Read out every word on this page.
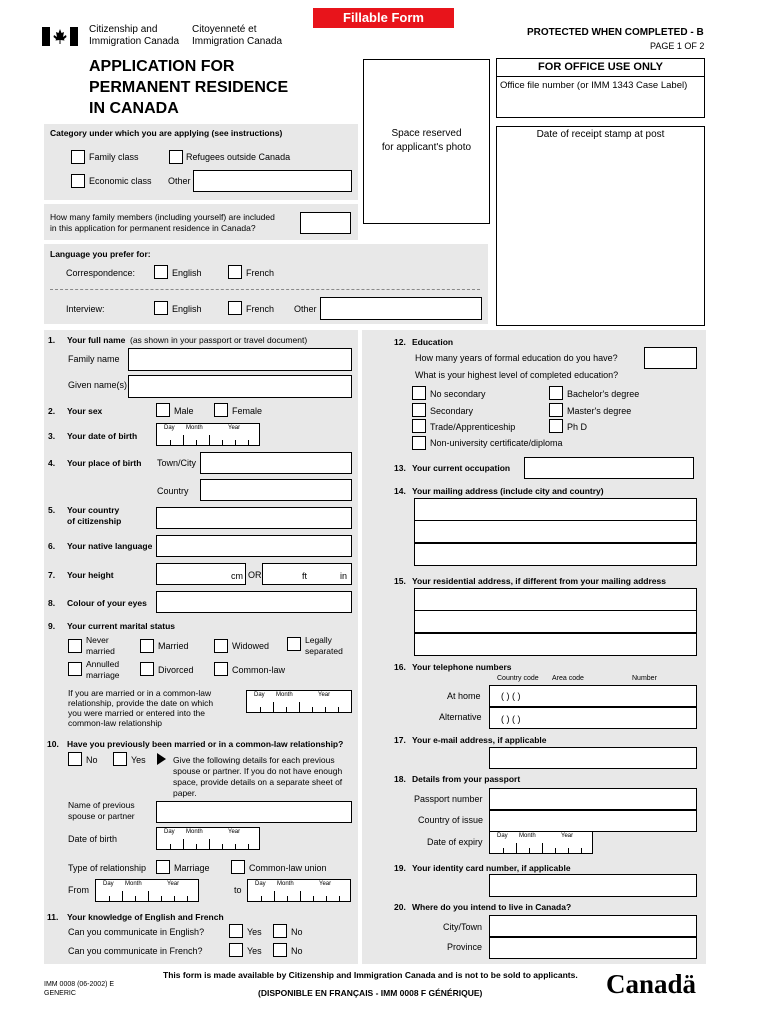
Fillable Form
Citizenship and
Immigration Canada
Citoyenneté et
Immigration Canada
PROTECTED WHEN COMPLETED - B
PAGE 1 OF 2
APPLICATION FOR
PERMANENT RESIDENCE
IN CANADA
Space reserved
for applicant's photo
FOR OFFICE USE ONLY
Office file number (or IMM 1343 Case Label)
Date of receipt stamp at post
Category under which you are applying (see instructions)
Family class	Refugees outside Canada
Economic class Other
How many family members (including yourself) are included
in this application for permanent residence in Canada?
Language you prefer for:
Correspondence:	English	French
Interview:	English	French Other
1. Your full name (as shown in your passport or travel document)
Family name
Given name(s)
2. Your sex	Male	Female
3. Your date of birth
Day Month	Year
4. Your place of birth Town/City
Country
5. Your country
of citizenship
6. Your native language
7. Your height	cm OR	ft	in
8. Colour of your eyes
9. Your current marital status
Never
married	Married	Widowed
Legally
separated
Annulled
marriage	Divorced	Common-law
If you are married or in a common-law
relationship, provide the date on which
you were married or entered into the
common-law relationship
Day Month	Year
10. Have you previously been married or in a common-law relationship?
No	Yes	Give the following details for each previous
spouse or partner. If you do not have enough
space, provide details on a separate sheet of
paper.
Name of previous
spouse or partner
Date of birth
Day Month	Year
Type of relationship	Marriage	Common-law union
From
Day Month	Year
to
Day Month	Year
11. Your knowledge of English and French
Can you communicate in English?	Yes	No
Can you communicate in French?	Yes	No
12. Education
How many years of formal education do you have?
What is your highest level of completed education?
No secondary	Bachelor's degree
Secondary	Master's degree
Trade/Apprenticeship	Ph D
Non-university certificate/diploma
13. Your current occupation
14. Your mailing address (include city and country)
15. Your residential address, if different from your mailing address
16. Your telephone numbers
Country code Area code	Number
At home ( ) ( )
Alternative ( ) ( )
17. Your e-mail address, if applicable
18. Details from your passport
Passport number
Country of issue
Date of expiry
Day Month	Year
19. Your identity card number, if applicable
20. Where do you intend to live in Canada?
City/Town
Province
IMM 0008 (06-2002) E
GENERIC
This form is made available by Citizenship and Immigration Canada and is not to be sold to applicants.
(DISPONIBLE EN FRANÇAIS - IMM 0008 F GÉNÉRIQUE)	Canadä
